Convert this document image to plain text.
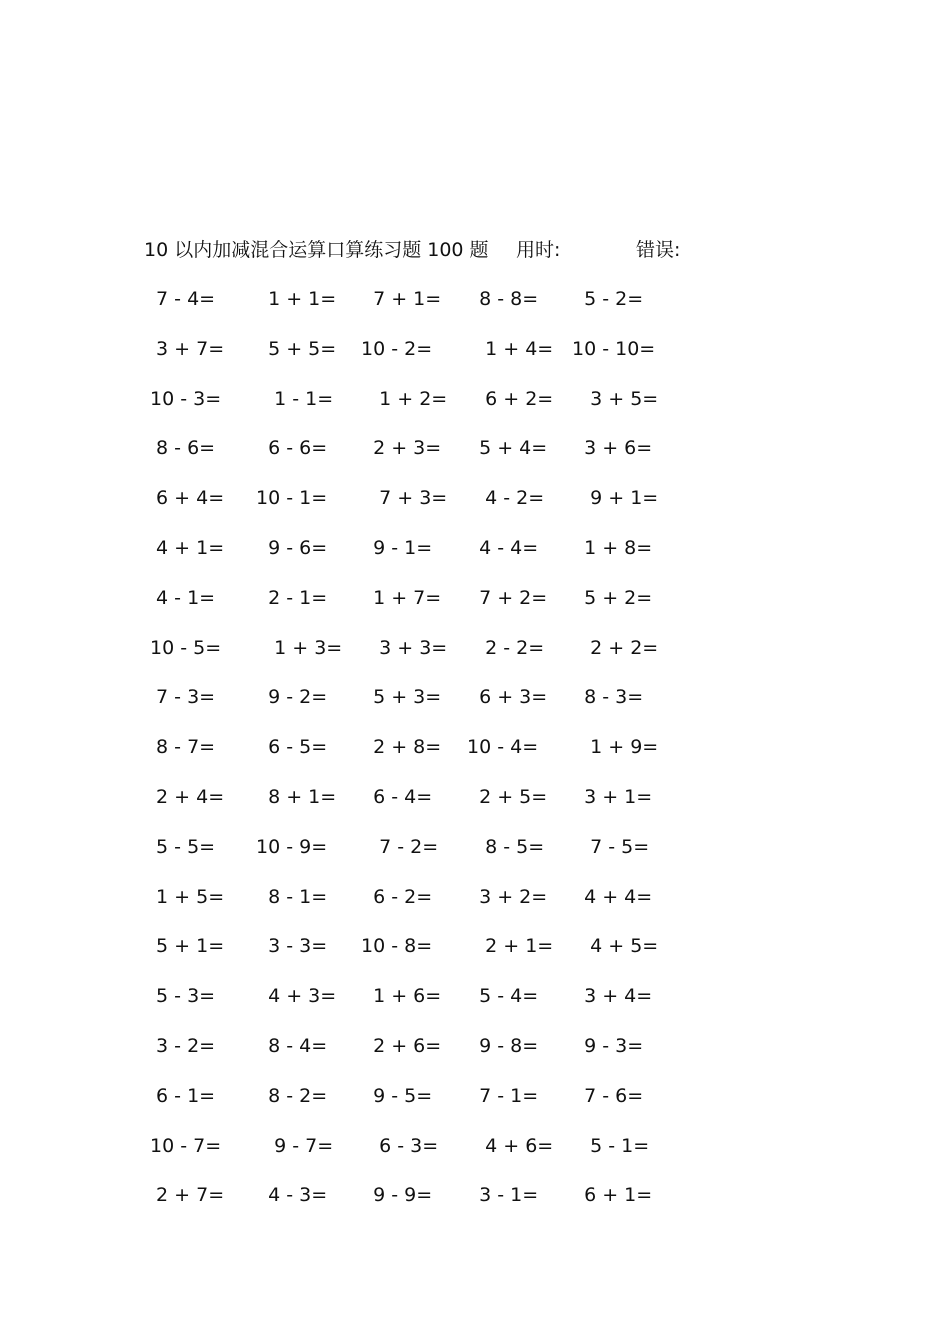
10 以内加减混合运算口算练习题 100 题 用时:	错误:
7 - 4= 1 + 1= 7 + 1= 8 - 8= 5 - 2=
3 + 7= 5 + 5= 10 - 2= 1 + 4= 10 - 10=
10 - 3= 1 - 1= 1 + 2= 6 + 2= 3 + 5=
8 - 6= 6 - 6= 2 + 3= 5 + 4= 3 + 6=
6 + 4= 10 - 1= 7 + 3= 4 - 2= 9 + 1=
4 + 1= 9 - 6= 9 - 1= 4 - 4= 1 + 8=
4 - 1= 2 - 1= 1 + 7= 7 + 2= 5 + 2=
10 - 5= 1 + 3= 3 + 3= 2 - 2= 2 + 2=
7 - 3= 9 - 2= 5 + 3= 6 + 3= 8 - 3=
8 - 7= 6 - 5= 2 + 8= 10 - 4= 1 + 9=
2 + 4= 8 + 1= 6 - 4= 2 + 5= 3 + 1=
5 - 5= 10 - 9= 7 - 2= 8 - 5= 7 - 5=
1 + 5= 8 - 1= 6 - 2= 3 + 2= 4 + 4=
5 + 1= 3 - 3= 10 - 8= 2 + 1= 4 + 5=
5 - 3= 4 + 3= 1 + 6= 5 - 4= 3 + 4=
3 - 2= 8 - 4= 2 + 6= 9 - 8= 9 - 3=
6 - 1= 8 - 2= 9 - 5= 7 - 1= 7 - 6=
10 - 7= 9 - 7= 6 - 3= 4 + 6= 5 - 1=
2 + 7= 4 - 3= 9 - 9= 3 - 1= 6 + 1=
